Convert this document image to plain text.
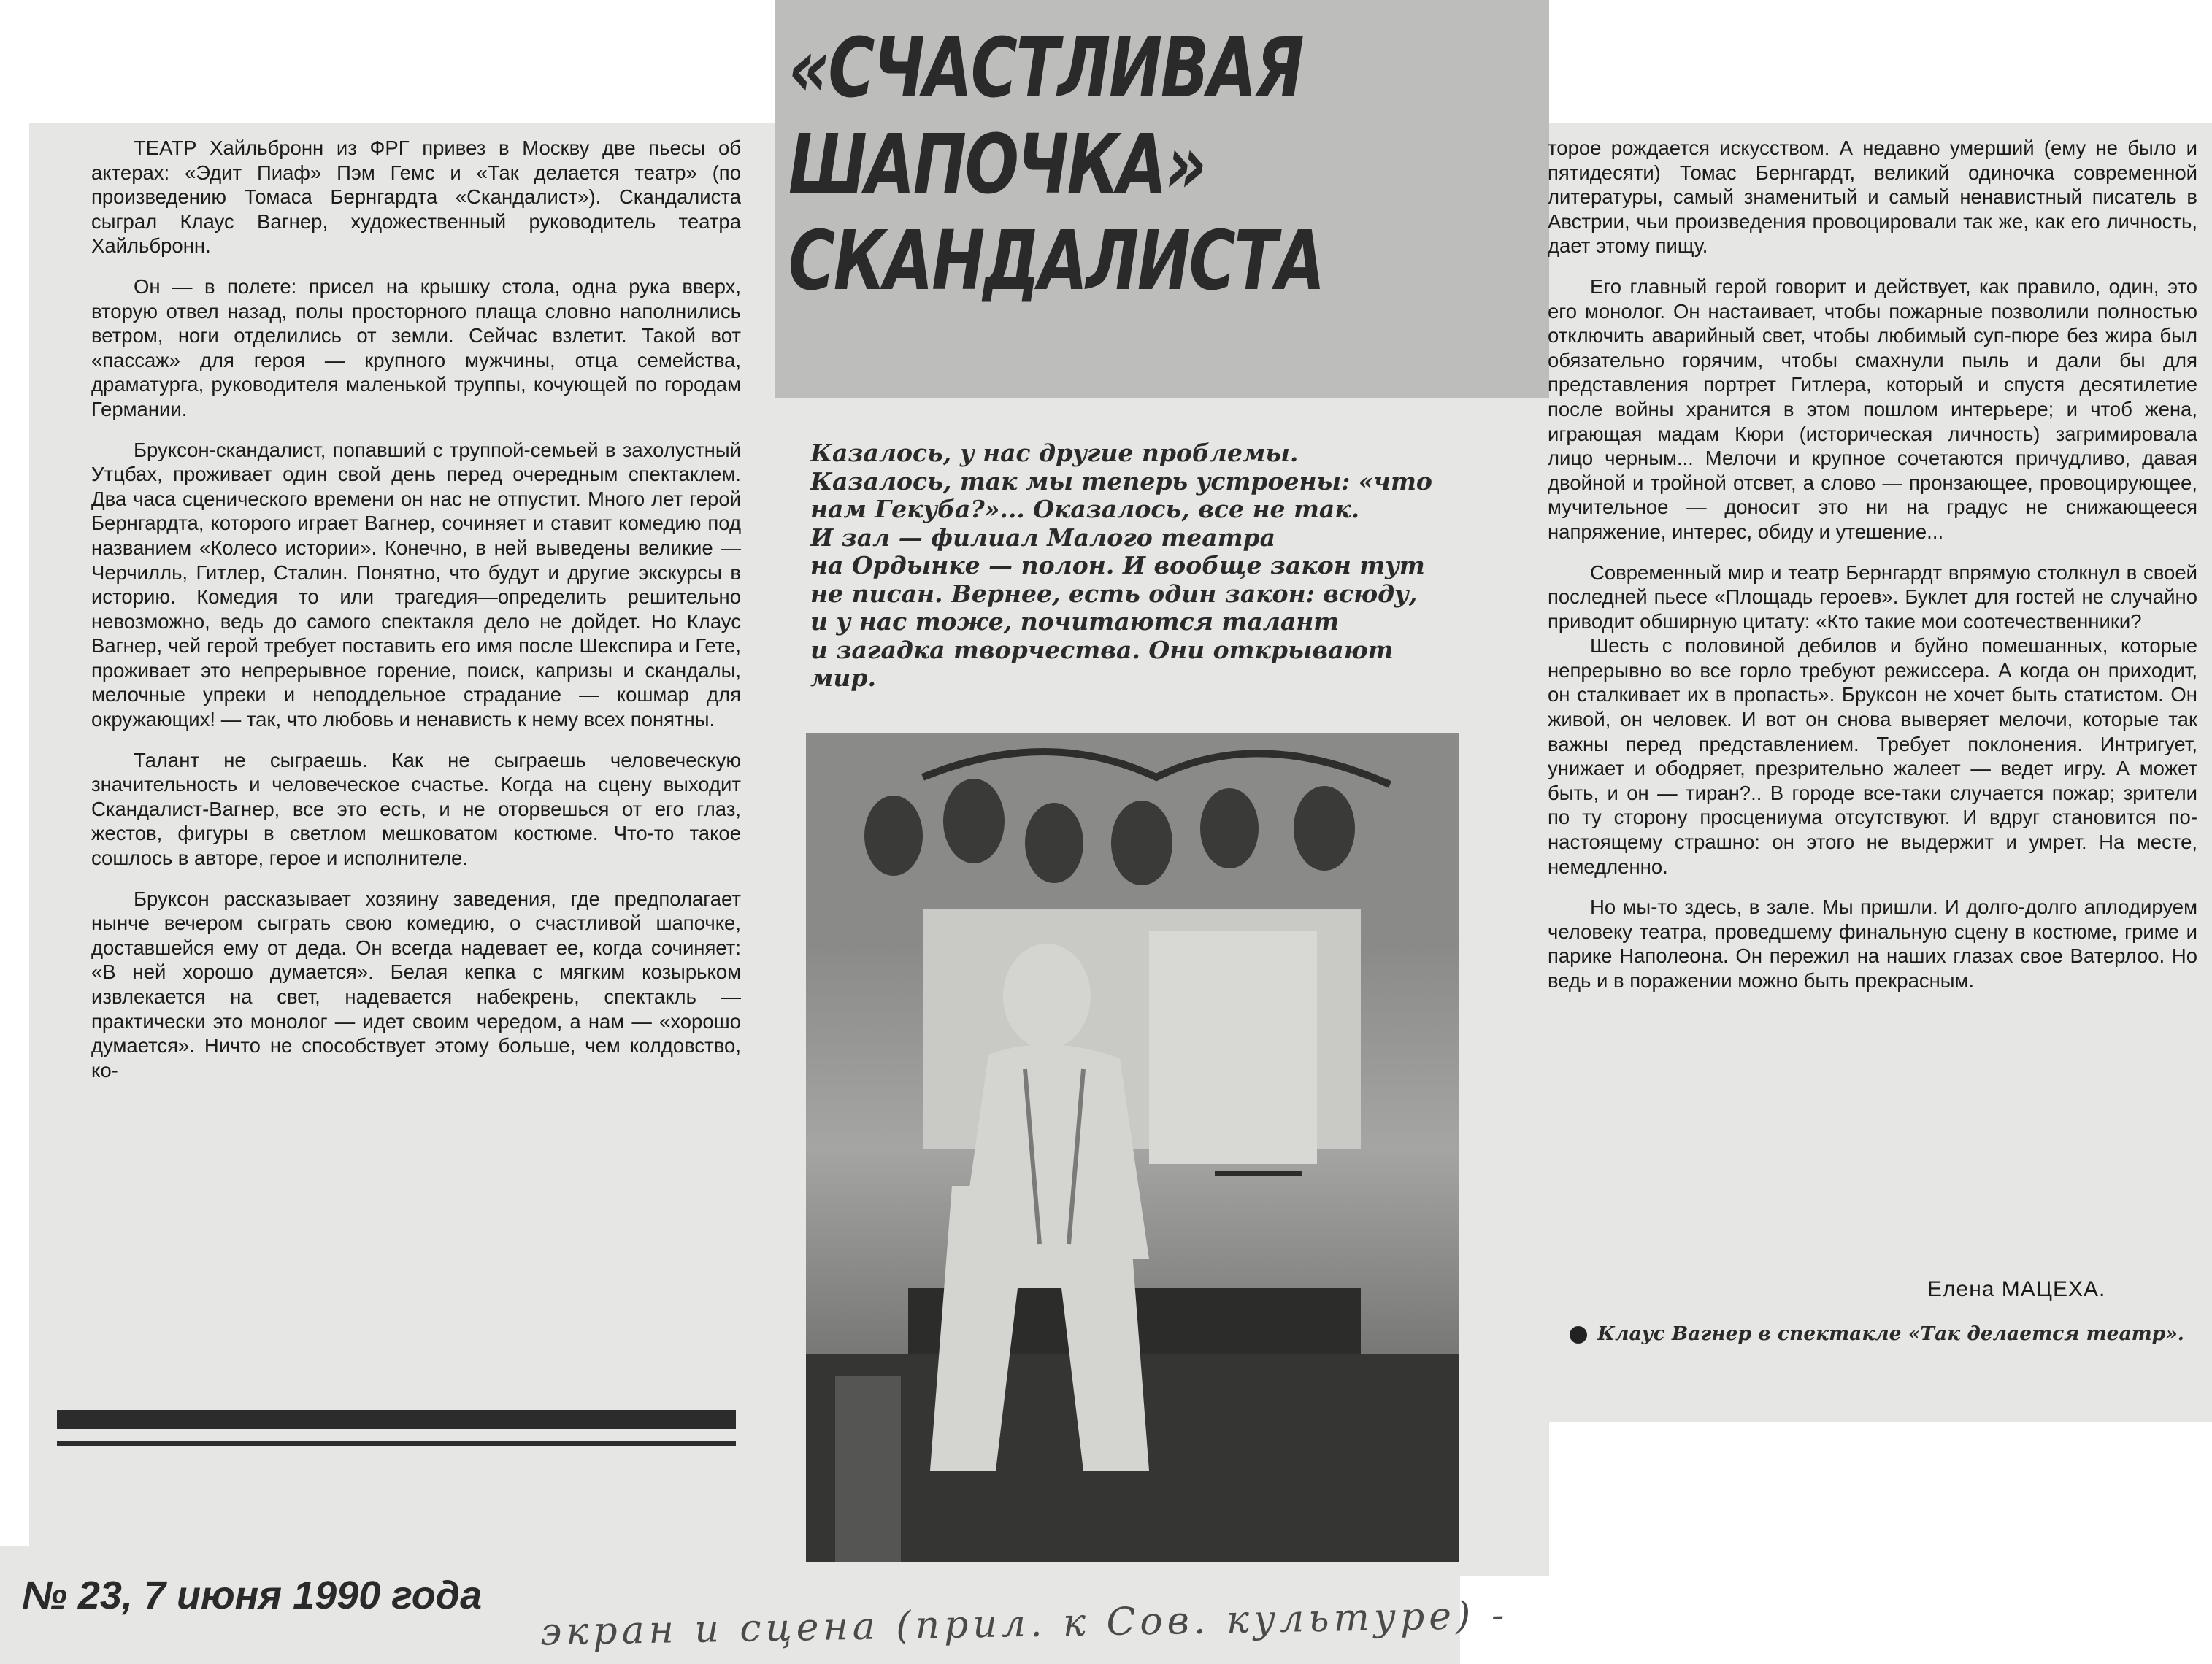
«СЧАСТЛИВАЯ
ШАПОЧКА»
СКАНДАЛИСТА
Казалось, у нас другие проблемы.
Казалось, так мы теперь устроены: «что
нам Гекуба?»... Оказалось, все не так.
И зал — филиал Малого театра
на Ордынке — полон. И вообще закон тут
не писан. Вернее, есть один закон: всюду,
и у нас тоже, почитаются талант
и загадка творчества. Они открывают
мир.

ТЕАТР Хайльбронн из ФРГ привез в Москву две пьесы об актерах: «Эдит Пиаф» Пэм Гемс и «Так делается театр» (по произведению Томаса Бернгардта «Скандалист»). Скандалиста сыграл Клаус Вагнер, художественный руководитель театра Хайльбронн.

Он — в полете: присел на крышку стола, одна рука вверх, вторую отвел назад, полы просторного плаща словно наполнились ветром, ноги отделились от земли. Сейчас взлетит. Такой вот «пассаж» для героя — крупного мужчины, отца семейства, драматурга, руководителя маленькой труппы, кочующей по городам Германии.

Бруксон-скандалист, попавший с труппой-семьей в захолустный Утцбах, проживает один свой день перед очередным спектаклем. Два часа сценического времени он нас не отпустит. Много лет герой Бернгардта, которого играет Вагнер, сочиняет и ставит комедию под названием «Колесо истории». Конечно, в ней выведены великие — Черчилль, Гитлер, Сталин. Понятно, что будут и другие экскурсы в историю. Комедия то или трагедия—определить решительно невозможно, ведь до самого спектакля дело не дойдет. Но Клаус Вагнер, чей герой требует поставить его имя после Шекспира и Гете, проживает это непрерывное горение, поиск, капризы и скандалы, мелочные упреки и неподдельное страдание — кошмар для окружающих! — так, что любовь и ненависть к нему всех понятны.

Талант не сыграешь. Как не сыграешь человеческую значительность и человеческое счастье. Когда на сцену выходит Скандалист-Вагнер, все это есть, и не оторвешься от его глаз, жестов, фигуры в светлом мешковатом костюме. Что-то такое сошлось в авторе, герое и исполнителе.

Бруксон рассказывает хозяину заведения, где предполагает нынче вечером сыграть свою комедию, о счастливой шапочке, доставшейся ему от деда. Он всегда надевает ее, когда сочиняет: «В ней хорошо думается». Белая кепка с мягким козырьком извлекается на свет, надевается набекрень, спектакль — практически это монолог — идет своим чередом, а нам — «хорошо думается». Ничто не способствует этому больше, чем колдовство, ко-

торое рождается искусством. А недавно умерший (ему не было и пятидесяти) Томас Бернгардт, великий одиночка современной литературы, самый знаменитый и самый ненавистный писатель в Австрии, чьи произведения провоцировали так же, как его личность, дает этому пищу.

Его главный герой говорит и действует, как правило, один, это его монолог. Он настаивает, чтобы пожарные позволили полностью отключить аварийный свет, чтобы любимый суп-пюре без жира был обязательно горячим, чтобы смахнули пыль и дали бы для представления портрет Гитлера, который и спустя десятилетие после войны хранится в этом пошлом интерьере; и чтоб жена, играющая мадам Кюри (историческая личность) загримировала лицо черным... Мелочи и крупное сочетаются причудливо, давая двойной и тройной отсвет, а слово — пронзающее, провоцирующее, мучительное — доносит это ни на градус не снижающееся напряжение, интерес, обиду и утешение...

Современный мир и театр Бернгардт впрямую столкнул в своей последней пьесе «Площадь героев». Буклет для гостей не случайно приводит обширную цитату: «Кто такие мои соотечественники?

Шесть с половиной дебилов и буйно помешанных, которые непрерывно во все горло требуют режиссера. А когда он приходит, он сталкивает их в пропасть». Бруксон не хочет быть статистом. Он живой, он человек. И вот он снова выверяет мелочи, которые так важны перед представлением. Требует поклонения. Интригует, унижает и ободряет, презрительно жалеет — ведет игру. А может быть, и он — тиран?.. В городе все-таки случается пожар; зрители по ту сторону просцениума отсутствуют. И вдруг становится по-настоящему страшно: он этого не выдержит и умрет. На месте, немедленно.

Но мы-то здесь, в зале. Мы пришли. И долго-долго аплодируем человеку театра, проведшему финальную сцену в костюме, гриме и парике Наполеона. Он пережил на наших глазах свое Ватерлоо. Но ведь и в поражении можно быть прекрасным.

Елена МАЦЕХА.
Клаус Вагнер в спектакле «Так делается театр».
№ 23, 7 июня 1990 года экран и сцена (прил. к Сов. культуре) -
